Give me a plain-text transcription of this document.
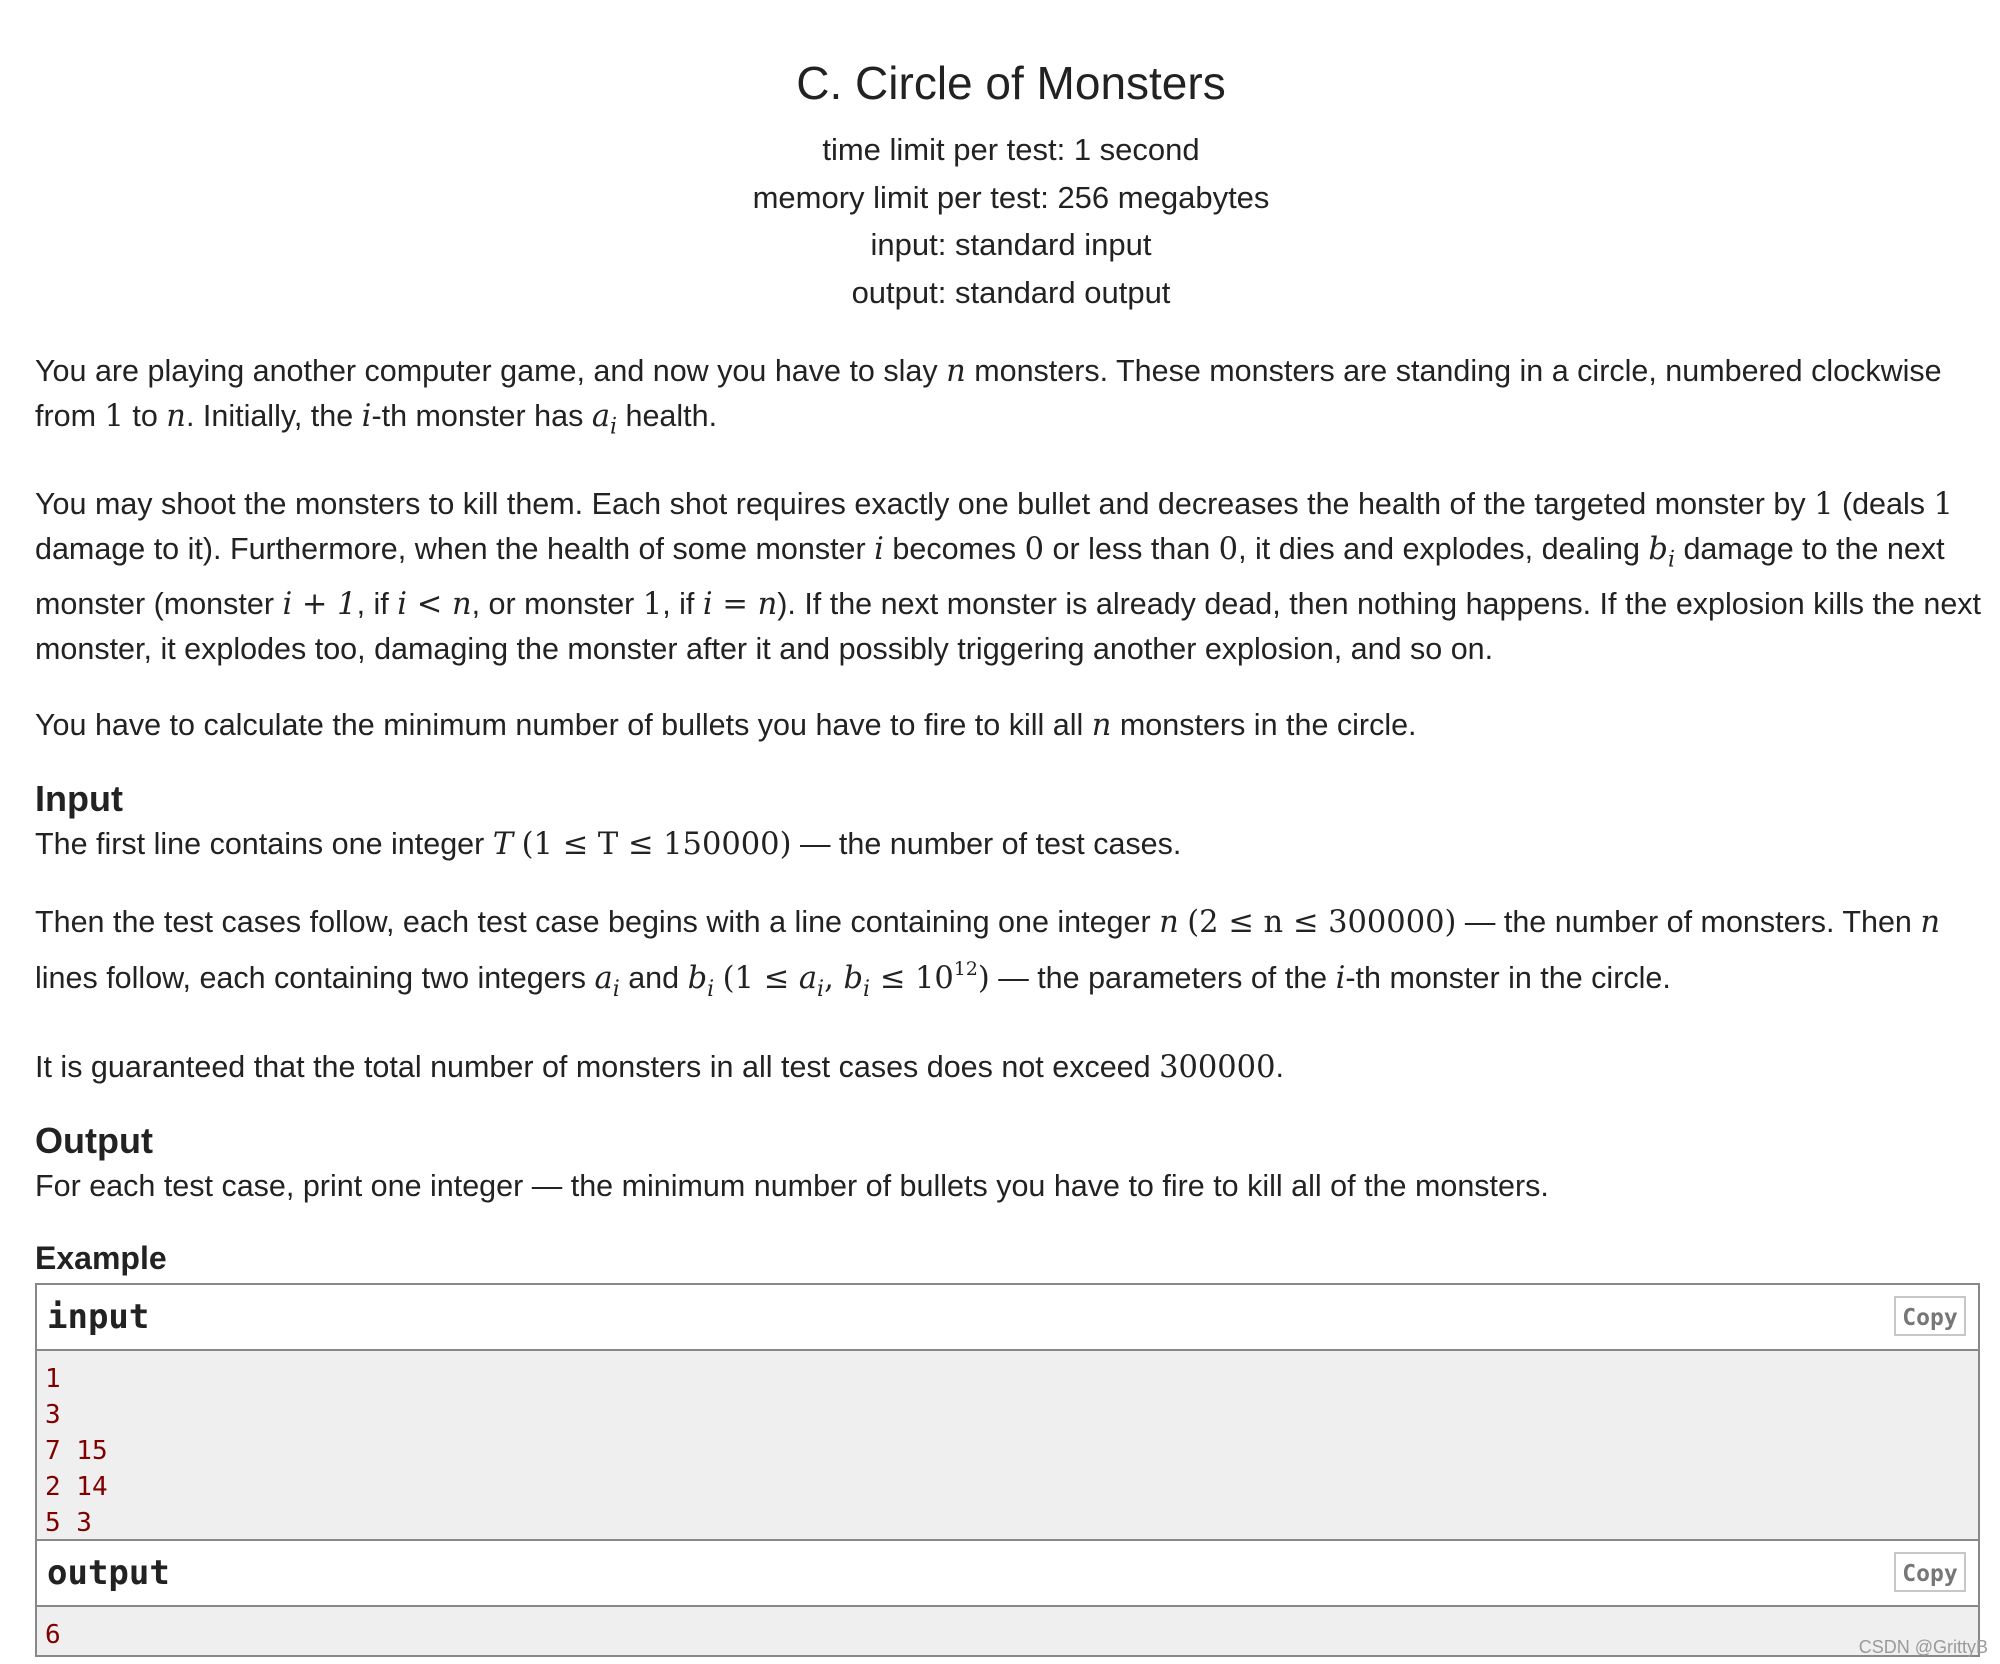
C. Circle of Monsters
time limit per test: 1 second
memory limit per test: 256 megabytes
input: standard input
output: standard output

You are playing another computer game, and now you have to slay n monsters. These monsters are standing in a circle, numbered clockwise from 1 to n. Initially, the i-th monster has $a_i$ health.

You may shoot the monsters to kill them. Each shot requires exactly one bullet and decreases the health of the targeted monster by 1 (deals 1 damage to it). Furthermore, when the health of some monster i becomes 0 or less than 0, it dies and explodes, dealing $b_i$ damage to the next monster (monster i + 1, if i < n, or monster 1, if i = n). If the next monster is already dead, then nothing happens. If the explosion kills the next monster, it explodes too, damaging the monster after it and possibly triggering another explosion, and so on.

You have to calculate the minimum number of bullets you have to fire to kill all n monsters in the circle.

Input

The first line contains one integer T (1 ≤ T ≤ 150000) — the number of test cases.

Then the test cases follow, each test case begins with a line containing one integer n (2 ≤ n ≤ 300000) — the number of monsters. Then n lines follow, each containing two integers $a_i$ and $b_i$ ($1 \le a_i$, $b_i \le 10^{12}$) — the parameters of the i-th monster in the circle.

It is guaranteed that the total number of monsters in all test cases does not exceed 300000.

Output

For each test case, print one integer — the minimum number of bullets you have to fire to kill all of the monsters.

Example
input	Copy
1
3
7 15
2 14
5 3
output	Copy
6	CSDN @GrittyB
